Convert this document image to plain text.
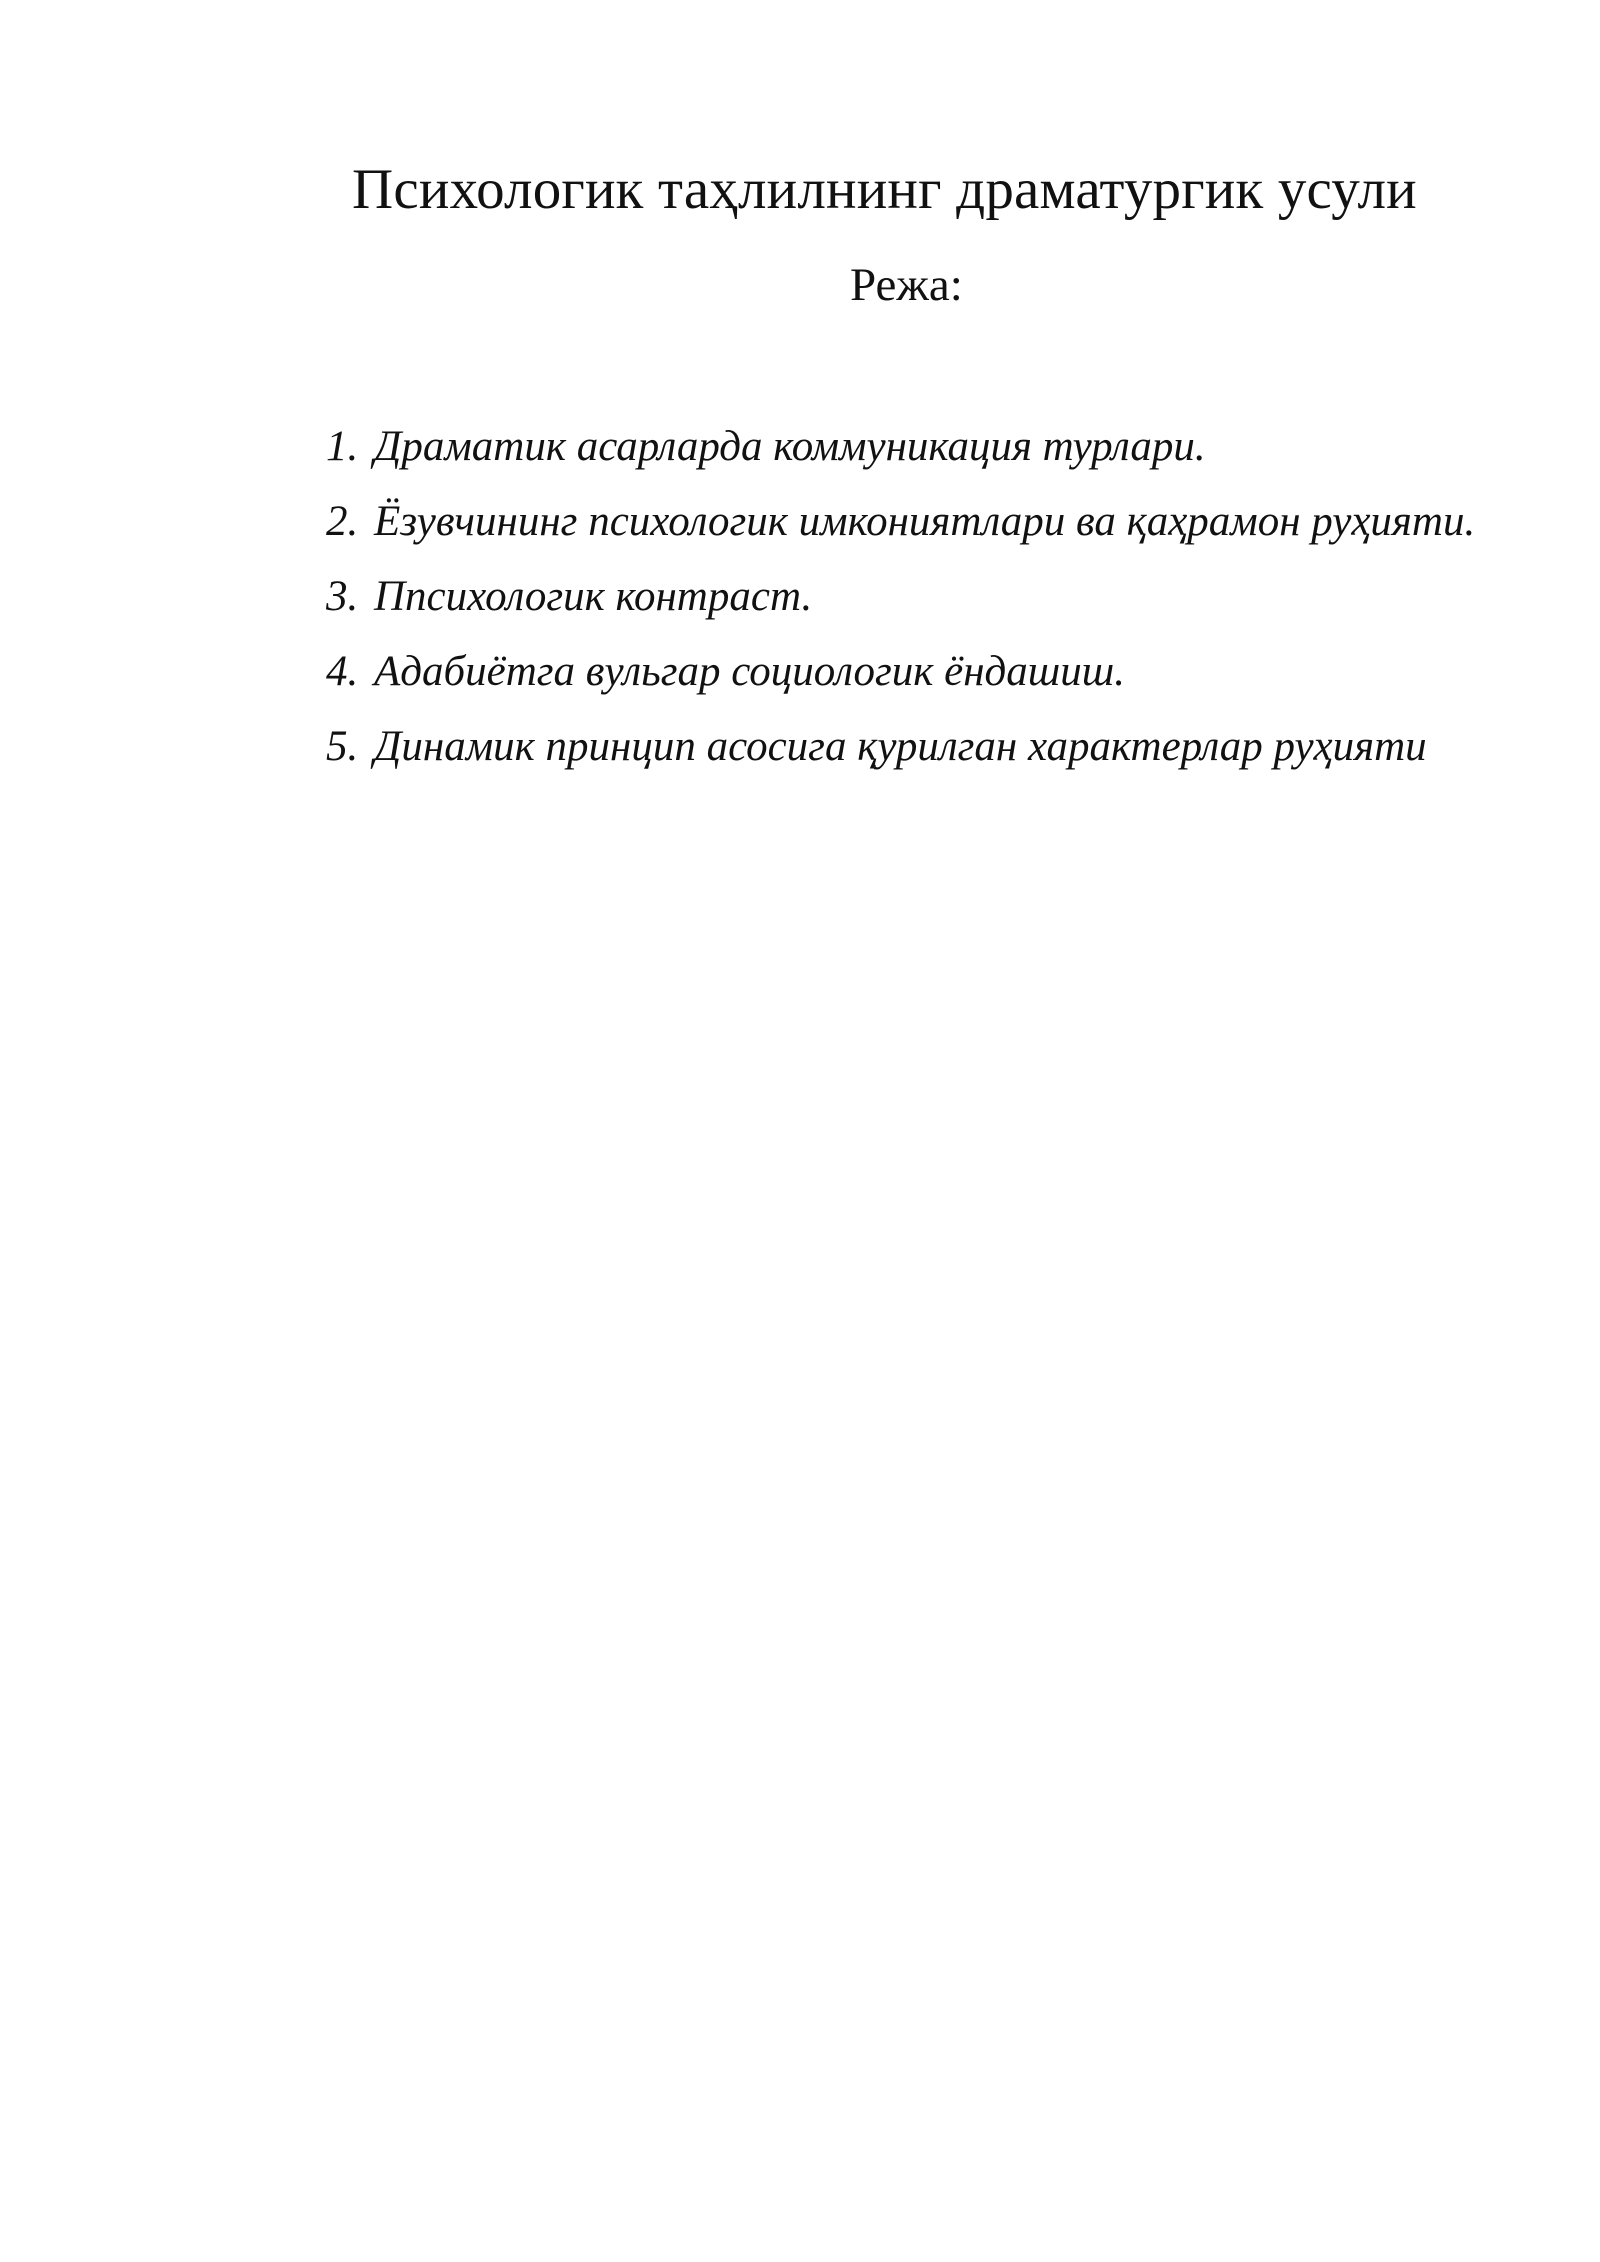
Психологик таҳлилнинг драматургик усули
Режа:
1. Драматик асарларда коммуникация турлари.
2. Ёзувчининг психологик имкониятлари ва қаҳрамон руҳияти.
3. Ппсихологик контраст.
4. Адабиётга вульгар социологик ёндашиш.
5. Динамик принцип асосига қурилган характерлар руҳияти
